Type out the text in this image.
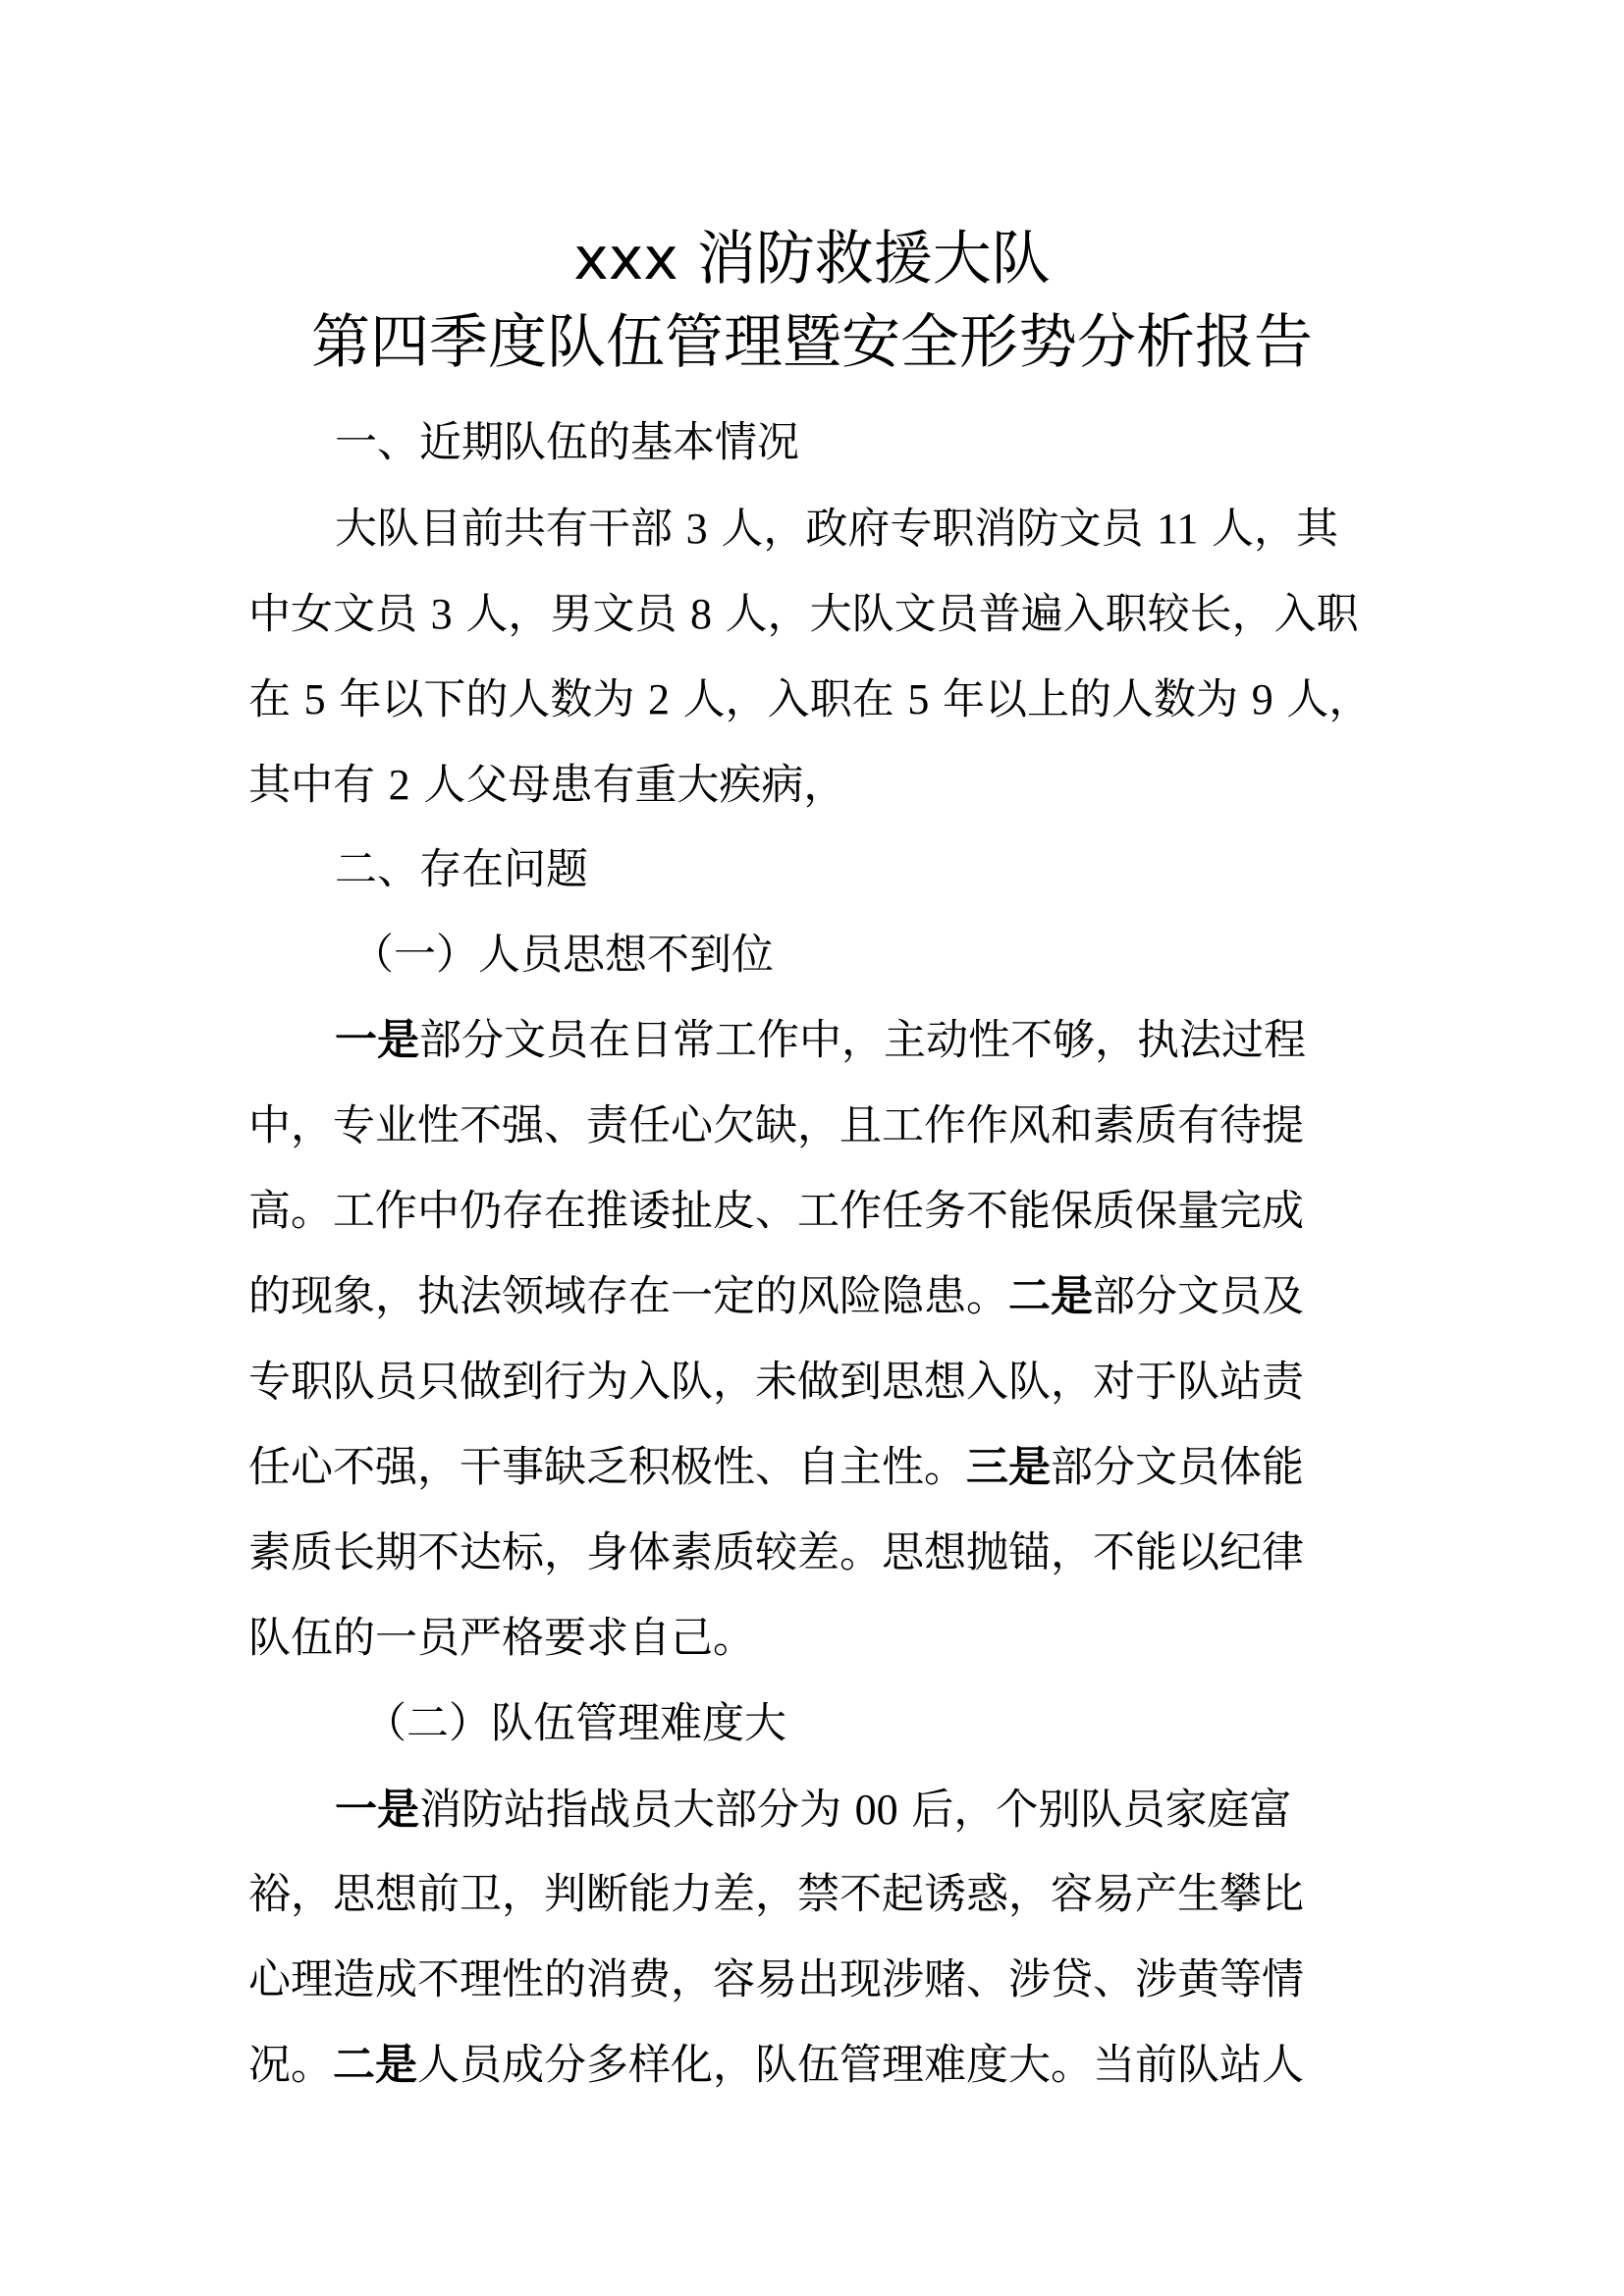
xxx 消防救援大队
第四季度队伍管理暨安全形势分析报告
一、近期队伍的基本情况
大队目前共有干部 3 人，政府专职消防文员 11 人，其
中女文员 3 人，男文员 8 人，大队文员普遍入职较长，入职
在 5 年以下的人数为 2 人，入职在 5 年以上的人数为 9 人，
其中有 2 人父母患有重大疾病，
二、存在问题
（一）人员思想不到位
一是部分文员在日常工作中，主动性不够，执法过程
中，专业性不强、责任心欠缺，且工作作风和素质有待提
高。工作中仍存在推诿扯皮、工作任务不能保质保量完成
的现象，执法领域存在一定的风险隐患。二是部分文员及
专职队员只做到行为入队，未做到思想入队，对于队站责
任心不强，干事缺乏积极性、自主性。三是部分文员体能
素质长期不达标，身体素质较差。思想抛锚，不能以纪律
队伍的一员严格要求自己。
（二）队伍管理难度大
一是消防站指战员大部分为 00 后，个别队员家庭富
裕，思想前卫，判断能力差，禁不起诱惑，容易产生攀比
心理造成不理性的消费，容易出现涉赌、涉贷、涉黄等情
况。二是人员成分多样化，队伍管理难度大。当前队站人
